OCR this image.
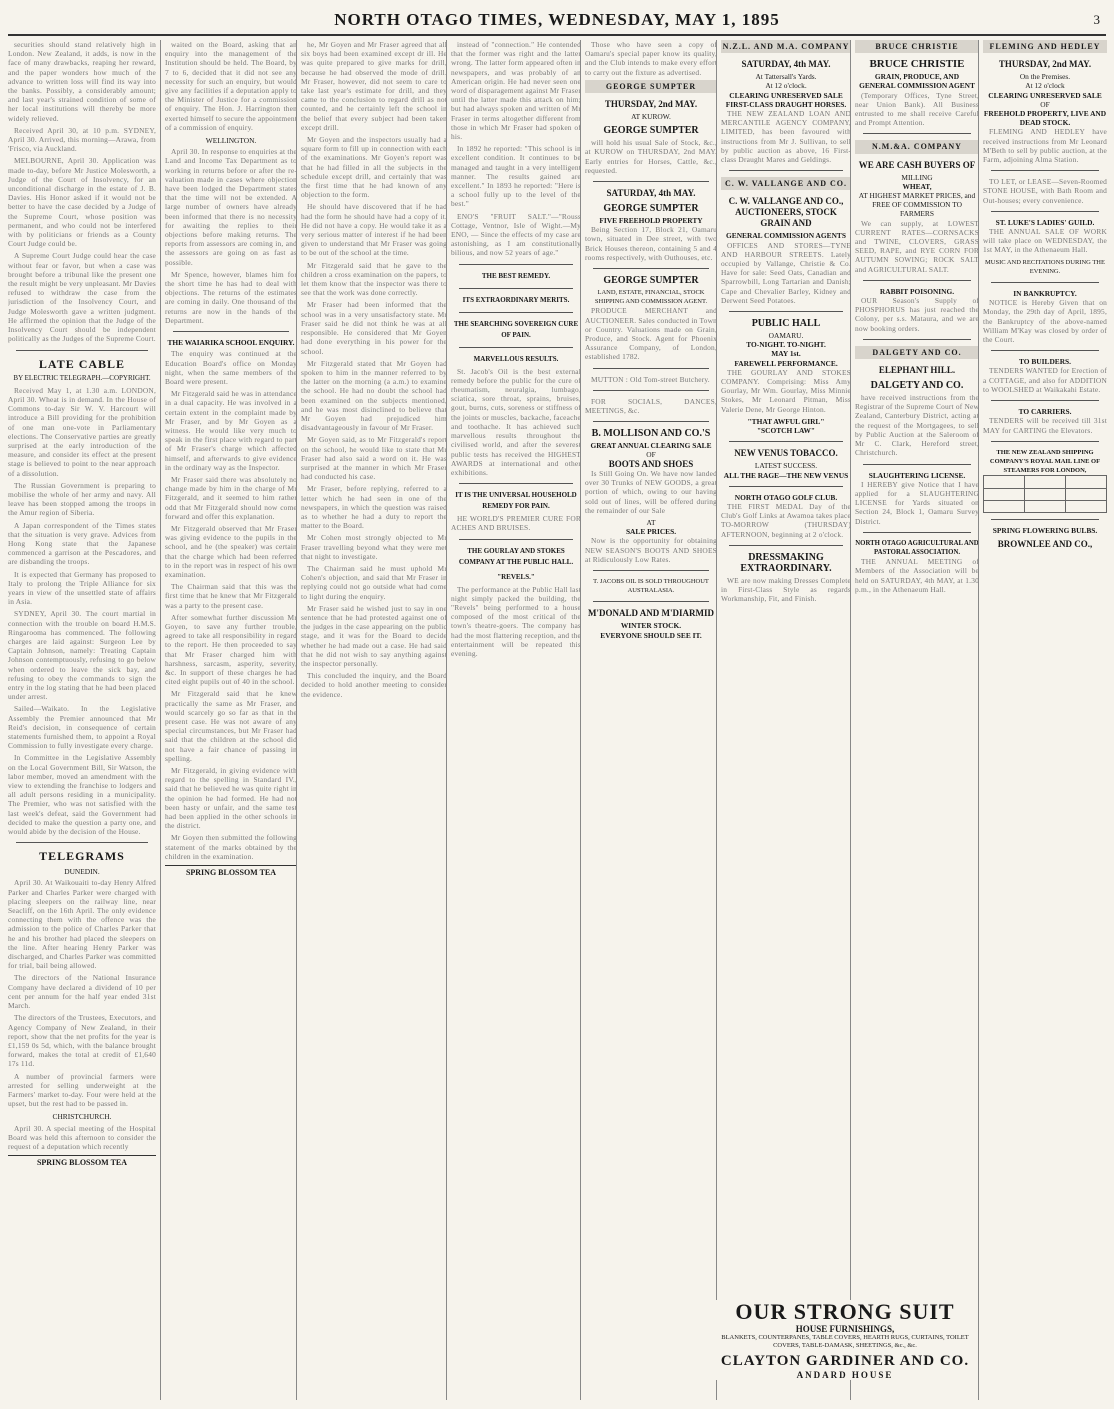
NORTH OTAGO TIMES, WEDNESDAY, MAY 1, 1895	3

securities should stand relatively high in London. New Zealand, it adds, is now in the face of many drawbacks, reaping her reward, and the paper wonders how much of the advance to written loss will find its way into the banks. Possibly, a considerably amount; and last year's strained condition of some of her local institutions will thereby be more widely relieved.

Received April 30, at 10 p.m. SYDNEY, April 30. Arrived, this morning—Arawa, from 'Frisco, via Auckland.

MELBOURNE, April 30. Application was made to-day, before Mr Justice Molesworth, a Judge of the Court of Insolvency, for an unconditional discharge in the estate of J. B. Davies. His Honor asked if it would not be better to have the case decided by a Judge of the Supreme Court, whose position was permanent, and who could not be interfered with by politicians or friends as a County Court Judge could be.

A Supreme Court Judge could hear the case without fear or favor, but when a case was brought before a tribunal like the present one the result might be very unpleasant. Mr Davies refused to withdraw the case from the jurisdiction of the Insolvency Court, and Judge Molesworth gave a written judgment. He affirmed the opinion that the Judge of the Insolvency Court should be independent politically as the Judges of the Supreme Court.

LATE CABLE
BY ELECTRIC TELEGRAPH.—COPYRIGHT.

Received May 1, at 1.30 a.m. LONDON, April 30. Wheat is in demand. In the House of Commons to-day Sir W. V. Harcourt will introduce a Bill providing for the prohibition of one man one-vote in Parliamentary elections. The Conservative parties are greatly surprised at the early introduction of the measure, and consider its effect at the present stage is believed to point to the near approach of a dissolution.

The Russian Government is preparing to mobilise the whole of her army and navy. All leave has been stopped among the troops in the Amur region of Siberia.

A Japan correspondent of the Times states that the situation is very grave. Advices from Hong Kong state that the Japanese commenced a garrison at the Pescadores, and are disbanding the troops.

It is expected that Germany has proposed to Italy to prolong the Triple Alliance for six years in view of the unsettled state of affairs in Asia.

SYDNEY, April 30. The court martial in connection with the trouble on board H.M.S. Ringarooma has commenced. The following charges are laid against: Surgeon Lee by Captain Johnson, namely: Treating Captain Johnson contemptuously, refusing to go below when ordered to leave the sick bay, and refusing to obey the commands to sign the entry in the log stating that he had been placed under arrest.

Sailed—Waikato. In the Legislative Assembly the Premier announced that Mr Reid's decision, in consequence of certain statements furnished them, to appoint a Royal Commission to fully investigate every charge.

In Committee in the Legislative Assembly on the Local Government Bill, Sir Watson, the labor member, moved an amendment with the view to extending the franchise to lodgers and all adult persons residing in a municipality. The Premier, who was not satisfied with the last week's defeat, said the Government had decided to make the question a party one, and would abide by the decision of the House.

TELEGRAMS
DUNEDIN.

April 30. At Waikouaiti to-day Henry Alfred Parker and Charles Parker were charged with placing sleepers on the railway line, near Seacliff, on the 16th April. The only evidence connecting them with the offence was the admission to the police of Charles Parker that he and his brother had placed the sleepers on the line. After hearing Henry Parker was discharged, and Charles Parker was committed for trial, bail being allowed.

The directors of the National Insurance Company have declared a dividend of 10 per cent per annum for the half year ended 31st March.

The directors of the Trustees, Executors, and Agency Company of New Zealand, in their report, show that the net profits for the year is £1,159 0s 5d, which, with the balance brought forward, makes the total at credit of £1,640 17s 11d.

A number of provincial farmers were arrested for selling underweight at the Farmers' market to-day. Four were held at the upset, but the rest had to be passed in.

CHRISTCHURCH.

April 30. A special meeting of the Hospital Board was held this afternoon to consider the request of a deputation which recently

SPRING BLOSSOM TEA

waited on the Board, asking that an enquiry into the management of the Institution should be held. The Board, by 7 to 6, decided that it did not see any necessity for such an enquiry, but would give any facilities if a deputation apply to the Minister of Justice for a commission of enquiry. The Hon. J. Harrington then exerted himself to secure the appointment of a commission of enquiry.

WELLINGTON.

April 30. In response to enquiries at the Land and Income Tax Department as to working in returns before or after the re-valuation made in cases where objection have been lodged the Department states that the time will not be extended. A large number of owners have already been informed that there is no necessity for awaiting the replies to their objections before making returns. The reports from assessors are coming in, and the assessors are going on as fast as possible.

Mr Spence, however, blames him for the short time he has had to deal with objections. The returns of the estimates are coming in daily. One thousand of the returns are now in the hands of the Department.

THE WAIARIKA SCHOOL ENQUIRY.

The enquiry was continued at the Education Board's office on Monday night, when the same members of the Board were present.

Mr Fitzgerald said he was in attendance in a dual capacity. He was involved in a certain extent in the complaint made by Mr Fraser, and by Mr Goyen as a witness. He would like very much to speak in the first place with regard to part of Mr Fraser's charge which affected himself, and afterwards to give evidence in the ordinary way as the Inspector.

Mr Fraser said there was absolutely no change made by him in the charge of Mr Fitzgerald, and it seemed to him rather odd that Mr Fitzgerald should now come forward and offer this explanation.

Mr Fitzgerald observed that Mr Fraser was giving evidence to the pupils in the school, and he (the speaker) was certain that the charge which had been referred to in the report was in respect of his own examination.

The Chairman said that this was the first time that he knew that Mr Fitzgerald was a party to the present case.

After somewhat further discussion Mr Goyen, to save any further trouble, agreed to take all responsibility in regard to the report. He then proceeded to say that Mr Fraser charged him with harshness, sarcasm, asperity, severity, &c. In support of these charges he had cited eight pupils out of 40 in the school.

Mr Fitzgerald said that he knew practically the same as Mr Fraser, and would scarcely go so far as that in the present case. He was not aware of any special circumstances, but Mr Fraser had said that the children at the school did not have a fair chance of passing in spelling.

Mr Fitzgerald, in giving evidence with regard to the spelling in Standard IV., said that he believed he was quite right in the opinion he had formed. He had not been hasty or unfair, and the same test had been applied in the other schools in the district.

Mr Goyen then submitted the following statement of the marks obtained by the children in the examination.

SPRING BLOSSOM TEA

he, Mr Goyen and Mr Fraser agreed that all six boys had been examined except dr ill. He was quite prepared to give marks for drill, because he had observed the mode of drill. Mr Fraser, however, did not seem to care to take last year's estimate for drill, and they came to the conclusion to regard drill as not counted, and he certainly left the school in the belief that every subject had been taken except drill.

Mr Goyen and the inspectors usually had a square form to fill up in connection with each of the examinations. Mr Goyen's report was that he had filled in all the subjects in the schedule except drill, and certainly that was the first time that he had known of any objection to the form.

He should have discovered that if he had had the form he should have had a copy of it. He did not have a copy. He would take it as a very serious matter of interest if he had been given to understand that Mr Fraser was going to be out of the school at the time.

Mr Fitzgerald said that he gave to the children a cross examination on the papers, to let them know that the inspector was there to see that the work was done correctly.

Mr Fraser had been informed that the school was in a very unsatisfactory state. Mr Fraser said he did not think he was at all responsible. He considered that Mr Goyen had done everything in his power for the school.

Mr Fitzgerald stated that Mr Goyen had spoken to him in the manner referred to by the latter on the morning (a a.m.) to examine the school. He had no doubt the school had been examined on the subjects mentioned, and he was most disinclined to believe that Mr Goyen had prejudiced him disadvantageously in favour of Mr Fraser.

Mr Goyen said, as to Mr Fitzgerald's report on the school, he would like to state that Mr Fraser had also said a word on it. He was surprised at the manner in which Mr Fraser had conducted his case.

Mr Fraser, before replying, referred to a letter which he had seen in one of the newspapers, in which the question was raised as to whether he had a duty to report the matter to the Board.

Mr Cohen most strongly objected to Mr Fraser travelling beyond what they were met that night to investigate.

The Chairman said he must uphold Mr Cohen's objection, and said that Mr Fraser in replying could not go outside what had come to light during the enquiry.

Mr Fraser said he wished just to say in one sentence that he had protested against one of the judges in the case appearing on the public stage, and it was for the Board to decide whether he had made out a case. He had said that he did not wish to say anything against the inspector personally.

This concluded the inquiry, and the Board decided to hold another meeting to consider the evidence.

instead of "connection." He contended that the former was right and the latter wrong. The latter form appeared often in newspapers, and was probably of an American origin. He had never seen one word of disparagement against Mr Fraser until the latter made this attack on him; but had always spoken and written of Mr Fraser in terms altogether different from those in which Mr Fraser had spoken of his.

In 1892 he reported: "This school is in excellent condition. It continues to be managed and taught in a very intelligent manner. The results gained are excellent." In 1893 he reported: "Here is a school fully up to the level of the best."

ENO'S "FRUIT SALT."—"Rouss Cottage, Ventnor, Isle of Wight.—My ENO, — Since the effects of my case are astonishing, as I am constitutionally bilious, and now 52 years of age."

THE BEST REMEDY.
ITS EXTRAORDINARY MERITS.
THE SEARCHING SOVEREIGN CURE OF PAIN.
MARVELLOUS RESULTS.

St. Jacob's Oil is the best external remedy before the public for the cure of rheumatism, neuralgia, lumbago, sciatica, sore throat, sprains, bruises, gout, burns, cuts, soreness or stiffness of the joints or muscles, backache, faceache and toothache. It has achieved such marvellous results throughout the civilised world, and after the severest public tests has received the HIGHEST AWARDS at international and other exhibitions.

IT IS THE UNIVERSAL HOUSEHOLD REMEDY FOR PAIN.

HE WORLD'S PREMIER CURE FOR ACHES AND BRUISES.

THE GOURLAY AND STOKES COMPANY AT THE PUBLIC HALL.
"REVELS."

The performance at the Public Hall last night simply packed the building, the "Revels" being performed to a house composed of the most critical of the town's theatre-goers. The company has had the most flattering reception, and the entertainment will be repeated this evening.

Those who have seen a copy of Oamaru's special paper know its quality, and the Club intends to make every effort to carry out the fixture as advertised.

GEORGE SUMPTER
THURSDAY, 2nd MAY.
AT KUROW.
GEORGE SUMPTER

will hold his usual Sale of Stock, &c., at KUROW on THURSDAY, 2nd MAY. Early entries for Horses, Cattle, &c., requested.

SATURDAY, 4th MAY.
GEORGE SUMPTER
FIVE FREEHOLD PROPERTY

Being Section 17, Block 21, Oamaru town, situated in Dee street, with two Brick Houses thereon, containing 5 and 4 rooms respectively, with Outhouses, etc.

GEORGE SUMPTER
LAND, ESTATE, FINANCIAL, STOCK SHIPPING AND COMMISSION AGENT.

PRODUCE MERCHANT and AUCTIONEER. Sales conducted in Town or Country. Valuations made on Grain, Produce, and Stock. Agent for Phoenix Assurance Company, of London, established 1782.

MUTTON : Old Tom-street Butchery.

FOR SOCIALS, DANCES, MEETINGS, &c.

B. MOLLISON AND CO.'S
GREAT ANNUAL CLEARING SALE
OF
BOOTS AND SHOES

Is Still Going On. We have now landed over 30 Trunks of NEW GOODS, a great portion of which, owing to our having sold out of lines, will be offered during the remainder of our Sale

AT
SALE PRICES.

Now is the opportunity for obtaining NEW SEASON'S BOOTS AND SHOES at Ridiculously Low Rates.

T. JACOBS OIL IS SOLD THROUGHOUT AUSTRALASIA.
M'DONALD AND M'DIARMID
WINTER STOCK.
EVERYONE SHOULD SEE IT.
N.Z.L. AND M.A. COMPANY
SATURDAY, 4th MAY.
At Tattersall's Yards.
At 12 o'clock.
CLEARING UNRESERVED SALE
FIRST-CLASS DRAUGHT HORSES.

THE NEW ZEALAND LOAN AND MERCANTILE AGENCY COMPANY, LIMITED, has been favoured with instructions from Mr J. Sullivan, to sell by public auction as above, 16 First-class Draught Mares and Geldings.

C. W. VALLANGE AND CO.
C. W. VALLANGE AND CO., AUCTIONEERS, STOCK GRAIN AND
GENERAL COMMISSION AGENTS

OFFICES AND STORES—TYNE AND HARBOUR STREETS. Lately occupied by Vallange, Christie & Co. Have for sale: Seed Oats, Canadian and Sparrowbill, Long Tartarian and Danish; Cape and Chevalier Barley, Kidney and Derwent Seed Potatoes.

PUBLIC HALL
OAMARU.
TO-NIGHT. TO-NIGHT.
MAY 1st.
FAREWELL PERFORMANCE.

THE GOURLAY AND STOKES COMPANY. Comprising: Miss Amy Gourlay, Mr Wm. Gourlay, Miss Minnie Stokes, Mr Leonard Pitman, Miss Valerie Dene, Mr George Hinton.

"THAT AWFUL GIRL"
"SCOTCH LAW"
NEW VENUS TOBACCO.
LATEST SUCCESS.
ALL THE RAGE—THE NEW VENUS
NORTH OTAGO GOLF CLUB.

THE FIRST MEDAL Day of the Club's Golf Links at Awamoa takes place TO-MORROW (THURSDAY) AFTERNOON, beginning at 2 o'clock.

DRESSMAKING EXTRAORDINARY.

WE are now making Dresses Complete in First-Class Style as regards Workmanship, Fit, and Finish.

BRUCE CHRISTIE
BRUCE CHRISTIE
GRAIN, PRODUCE, AND
GENERAL COMMISSION AGENT

(Temporary Offices, Tyne Street, near Union Bank). All Business entrusted to me shall receive Careful and Prompt Attention.

N.M.&A. COMPANY
WE ARE CASH BUYERS OF
MILLING
WHEAT,
AT HIGHEST MARKET PRICES, and
FREE OF COMMISSION TO FARMERS

We can supply, at LOWEST CURRENT RATES—CORNSACKS and TWINE, CLOVERS, GRASS SEED, RAPE, and RYE CORN FOR AUTUMN SOWING; ROCK SALT and AGRICULTURAL SALT.

RABBIT POISONING.

OUR Season's Supply of PHOSPHORUS has just reached the Colony, per s.s. Mataura, and we are now booking orders.

DALGETY AND CO.
ELEPHANT HILL.
DALGETY AND CO.

have received instructions from the Registrar of the Supreme Court of New Zealand, Canterbury District, acting at the request of the Mortgagees, to sell by Public Auction at the Saleroom of Mr C. Clark, Hereford street, Christchurch.

SLAUGHTERING LICENSE.

I HEREBY give Notice that I have applied for a SLAUGHTERING LICENSE for Yards situated on Section 24, Block 1, Oamaru Survey District.

NORTH OTAGO AGRICULTURAL AND PASTORAL ASSOCIATION.

THE ANNUAL MEETING of Members of the Association will be held on SATURDAY, 4th MAY, at 1.30 p.m., in the Athenaeum Hall.

FLEMING AND HEDLEY
THURSDAY, 2nd MAY.
On the Premises.
At 12 o'clock
CLEARING UNRESERVED SALE
OF
FREEHOLD PROPERTY, LIVE AND DEAD STOCK.

FLEMING AND HEDLEY have received instructions from Mr Leonard M'Beth to sell by public auction, at the Farm, adjoining Alma Station.

TO LET, or LEASE—Seven-Roomed STONE HOUSE, with Bath Room and Out-houses; every convenience.

ST. LUKE'S LADIES' GUILD.

THE ANNUAL SALE OF WORK will take place on WEDNESDAY, the 1st MAY, in the Athenaeum Hall.

MUSIC AND RECITATIONS DURING THE EVENING.
IN BANKRUPTCY.

NOTICE is Hereby Given that on Monday, the 29th day of April, 1895, the Bankruptcy of the above-named William M'Kay was closed by order of the Court.

TO BUILDERS.

TENDERS WANTED for Erection of a COTTAGE, and also for ADDITION to WOOLSHED at Waikakahi Estate.

TO CARRIERS.

TENDERS will be received till 31st MAY for CARTING the Elevators.

THE NEW ZEALAND SHIPPING COMPANY'S ROYAL MAIL LINE OF STEAMERS FOR LONDON,

SPRING FLOWERING BULBS.
BROWNLEE AND CO.,
OUR STRONG SUIT
HOUSE FURNISHINGS,
BLANKETS, COUNTERPANES, TABLE COVERS, HEARTH RUGS, CURTAINS, TOILET COVERS, TABLE-DAMASK, SHEETINGS, &c., &c.
CLAYTON GARDINER AND CO.
ANDARD HOUSE
